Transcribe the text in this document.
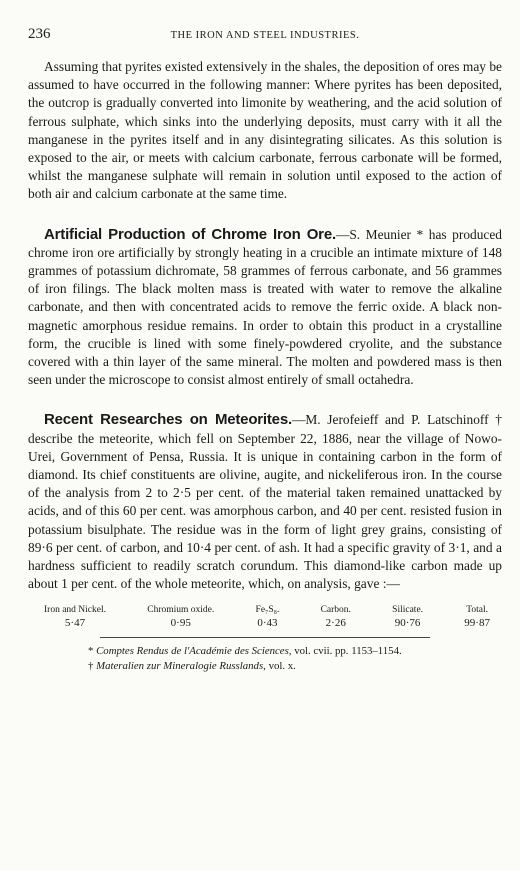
236	THE IRON AND STEEL INDUSTRIES.

Assuming that pyrites existed extensively in the shales, the deposition of ores may be assumed to have occurred in the following manner: Where pyrites has been deposited, the outcrop is gradually converted into limonite by weathering, and the acid solution of ferrous sulphate, which sinks into the underlying deposits, must carry with it all the manganese in the pyrites itself and in any disintegrating silicates. As this solution is exposed to the air, or meets with calcium carbonate, ferrous carbonate will be formed, whilst the manganese sulphate will remain in solution until exposed to the action of both air and calcium carbonate at the same time.

Artificial Production of Chrome Iron Ore.—S. Meunier * has produced chrome iron ore artificially by strongly heating in a crucible an intimate mixture of 148 grammes of potassium dichromate, 58 grammes of ferrous carbonate, and 56 grammes of iron filings. The black molten mass is treated with water to remove the alkaline carbonate, and then with concentrated acids to remove the ferric oxide. A black non-magnetic amorphous residue remains. In order to obtain this product in a crystalline form, the crucible is lined with some finely-powdered cryolite, and the substance covered with a thin layer of the same mineral. The molten and powdered mass is then seen under the microscope to consist almost entirely of small octahedra.

Recent Researches on Meteorites.—M. Jerofeieff and P. Latschinoff † describe the meteorite, which fell on September 22, 1886, near the village of Nowo-Urei, Government of Pensa, Russia. It is unique in containing carbon in the form of diamond. Its chief constituents are olivine, augite, and nickeliferous iron. In the course of the analysis from 2 to 2·5 per cent. of the material taken remained unattacked by acids, and of this 60 per cent. was amorphous carbon, and 40 per cent. resisted fusion in potassium bisulphate. The residue was in the form of light grey grains, consisting of 89·6 per cent. of carbon, and 10·4 per cent. of ash. It had a specific gravity of 3·1, and a hardness sufficient to readily scratch corundum. This diamond-like carbon made up about 1 per cent. of the whole meteorite, which, on analysis, gave :—

Iron and Nickel.
5·47
Chromium oxide.
0·95
Fe₇S₈.
0·43
Carbon.
2·26
Silicate.
90·76
Total.
99·87
* Comptes Rendus de l'Académie des Sciences, vol. cvii. pp. 1153–1154.
† Materalien zur Mineralogie Russlands, vol. x.
